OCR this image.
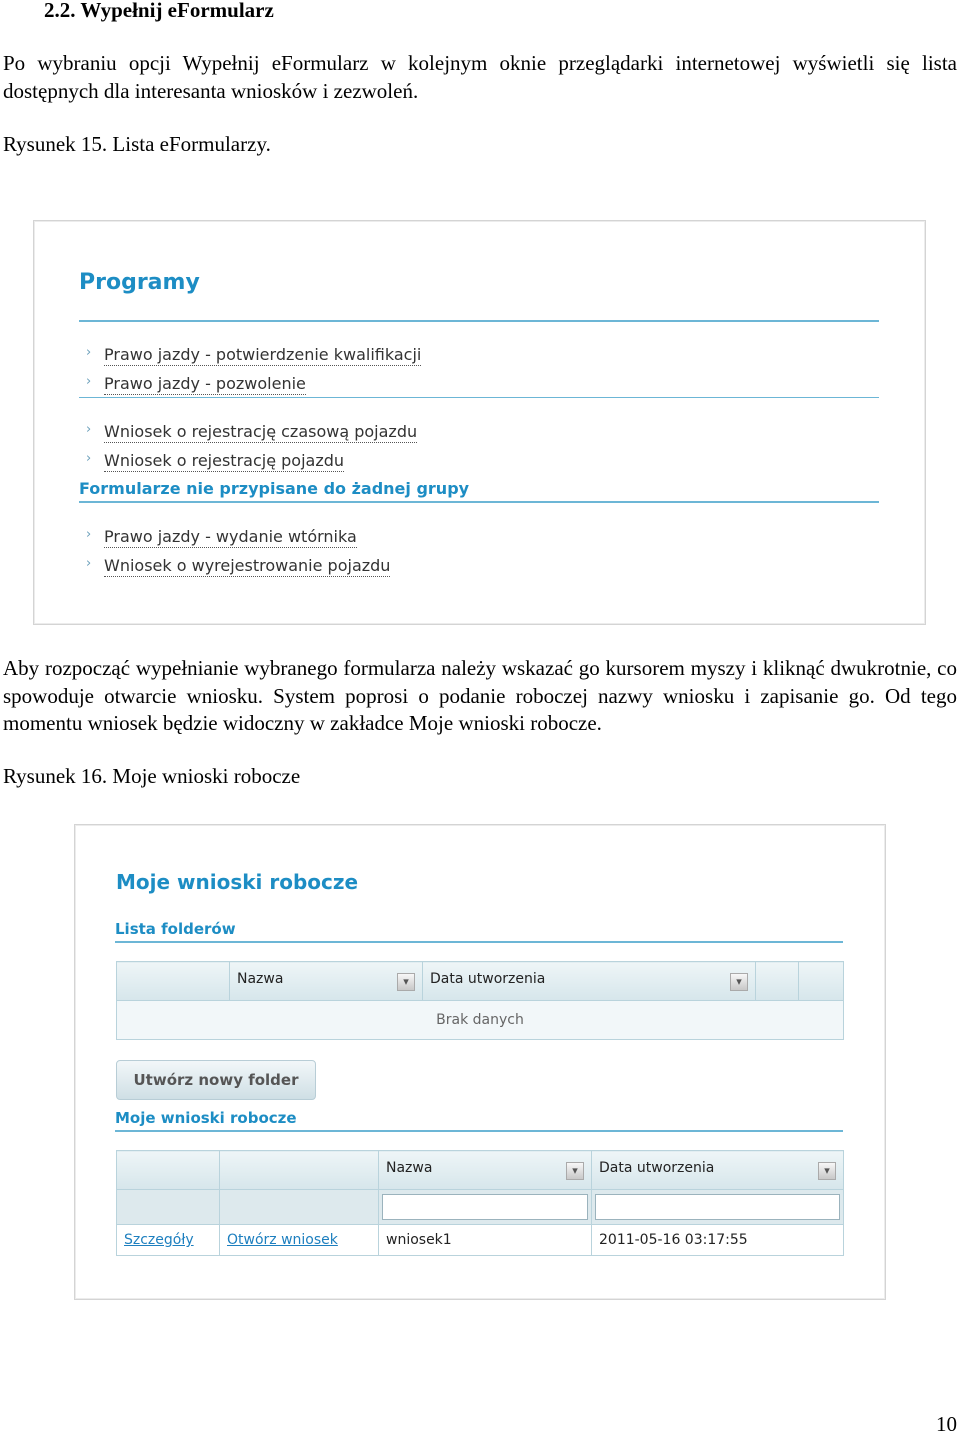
2.2. Wypełnij eFormularz
Po wybraniu opcji Wypełnij eFormularz w kolejnym oknie przeglądarki internetowej wyświetli się lista dostępnych dla interesanta wniosków i zezwoleń.
Rysunek 15. Lista eFormularzy.
Programy
› Prawo jazdy - potwierdzenie kwalifikacji
› Prawo jazdy - pozwolenie
› Wniosek o rejestrację czasową pojazdu
› Wniosek o rejestrację pojazdu
Formularze nie przypisane do żadnej grupy
› Prawo jazdy - wydanie wtórnika
› Wniosek o wyrejestrowanie pojazdu
Aby rozpocząć wypełnianie wybranego formularza należy wskazać go kursorem myszy i kliknąć dwukrotnie, co spowoduje otwarcie wniosku. System poprosi o podanie roboczej nazwy wniosku i zapisanie go. Od tego momentu wniosek będzie widoczny w zakładce Moje wnioski robocze.
Rysunek 16. Moje wnioski robocze
Moje wnioski robocze
Lista folderów
	Nazwa	▾	Data utworzenia	▾

Brak danych
Utwórz nowy folder
Moje wnioski robocze
		Nazwa ▾	Data utworzenia ▾

Szczegóły	Otwórz wniosek	wniosek1	2011-05-16 03:17:55
10
